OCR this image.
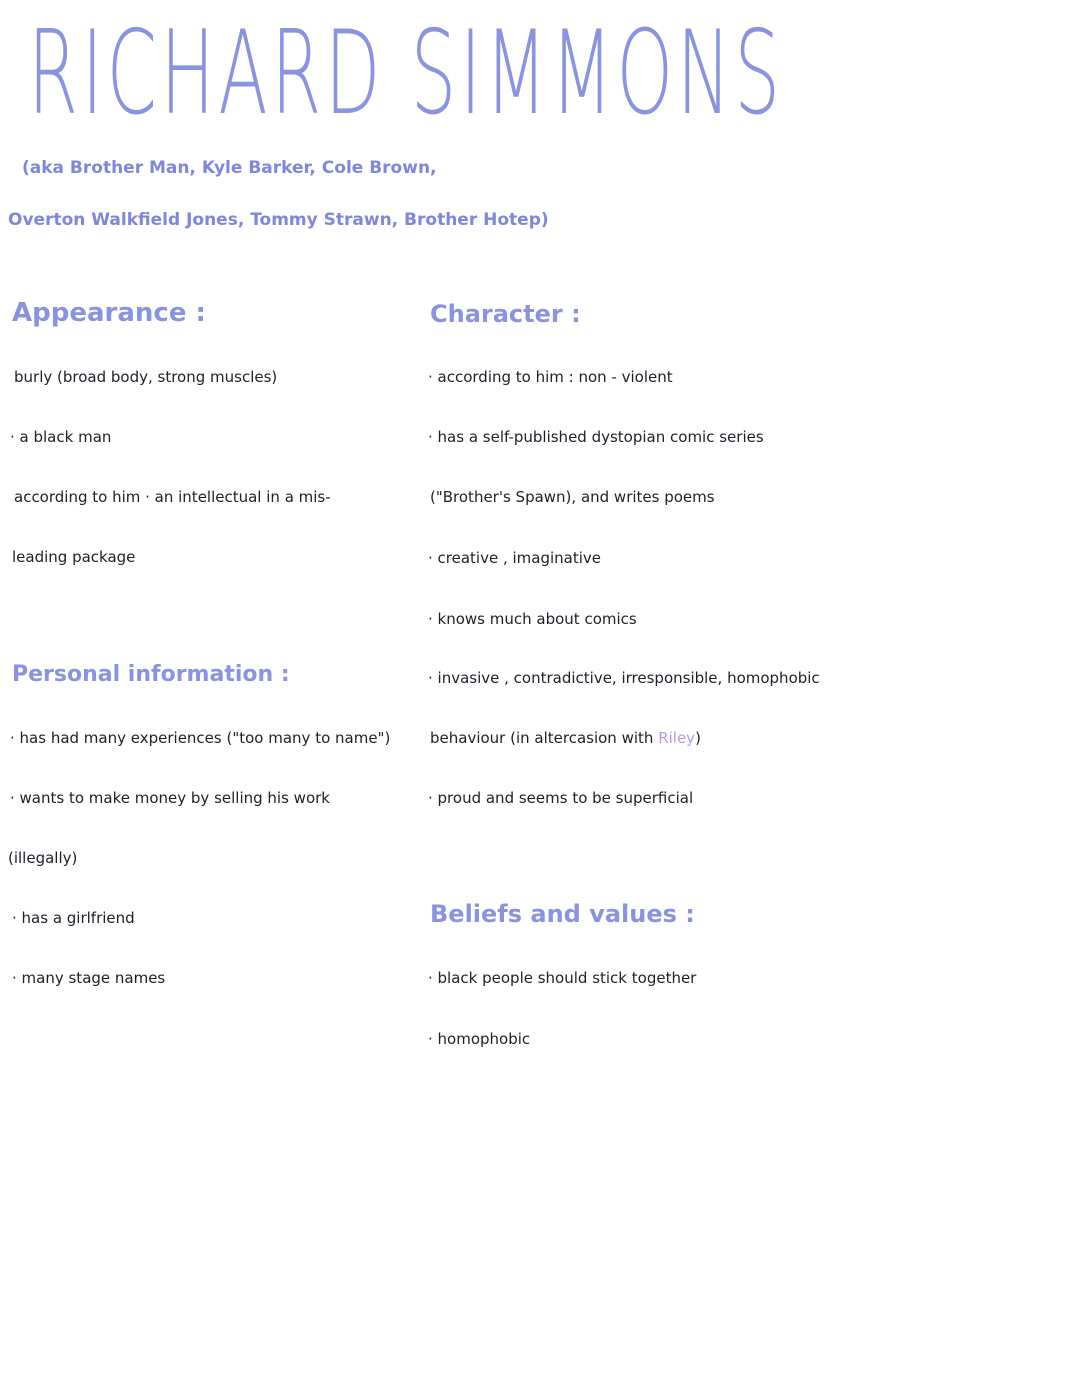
RICHARD SIMMONS
(aka Brother Man, Kyle Barker, Cole Brown,
Overton Walkfield Jones, Tommy Strawn, Brother Hotep)
Appearance :
burly (broad body, strong muscles)
· a black man
according to him · an intellectual in a mis-
leading package
Personal information :
· has had many experiences ("too many to name")
· wants to make money by selling his work
(illegally)
· has a girlfriend
· many stage names
Character :
· according to him : non - violent
· has a self-published dystopian comic series
("Brother's Spawn), and writes poems
· creative , imaginative
· knows much about comics
· invasive , contradictive, irresponsible, homophobic
behaviour (in altercasion with Riley)
· proud and seems to be superficial
Beliefs and values :
· black people should stick together
· homophobic
